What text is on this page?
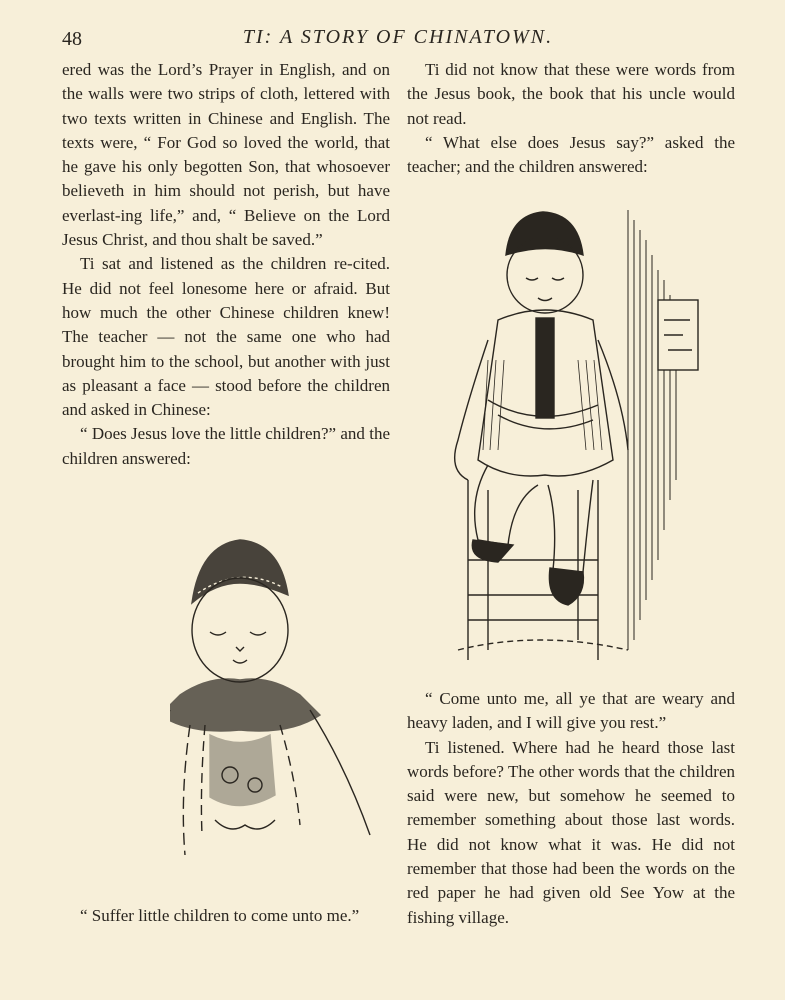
48	TI: A STORY OF CHINATOWN.

ered was the Lord’s Prayer in English, and on the walls were two strips of cloth, lettered with two texts written in Chinese and English. The texts were, “ For God so loved the world, that he gave his only begotten Son, that whosoever believeth in him should not perish, but have everlast-ing life,” and, “ Believe on the Lord Jesus Christ, and thou shalt be saved.”

Ti sat and listened as the children re-cited. He did not feel lonesome here or afraid. But how much the other Chinese children knew! The teacher — not the same one who had brought him to the school, but another with just as pleasant a face — stood before the children and asked in Chinese:

“ Does Jesus love the little children?” and the children answered:

Ti did not know that these were words from the Jesus book, the book that his uncle would not read.

“ What else does Jesus say?” asked the teacher; and the children answered:

“ Come unto me, all ye that are weary and heavy laden, and I will give you rest.”

Ti listened. Where had he heard those last words before? The other words that the children said were new, but somehow he seemed to remember something about those last words. He did not know what it was. He did not remember that those had been the words on the red paper he had given old See Yow at the fishing village.

“ Suffer little children to come unto me.”
